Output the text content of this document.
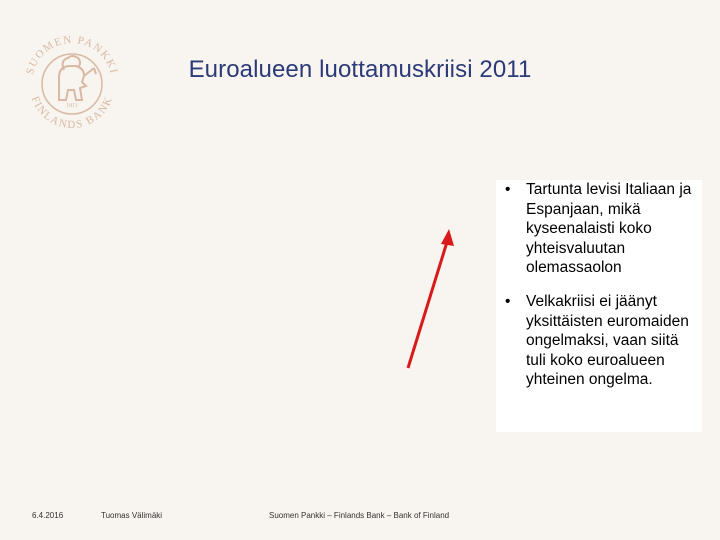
SUOMEN PANKKI
FINLANDS BANK
1811
Euroalueen luottamuskriisi 2011
• Tartunta levisi Italiaan ja Espanjaan, mikä kyseenalaisti koko yhteisvaluutan olemassaolon
• Velkakriisi ei jäänyt yksittäisten euromaiden ongelmaksi, vaan siitä tuli koko euroalueen yhteinen ongelma.
6.4.2016	Tuomas Välimäki	Suomen Pankki – Finlands Bank – Bank of Finland
